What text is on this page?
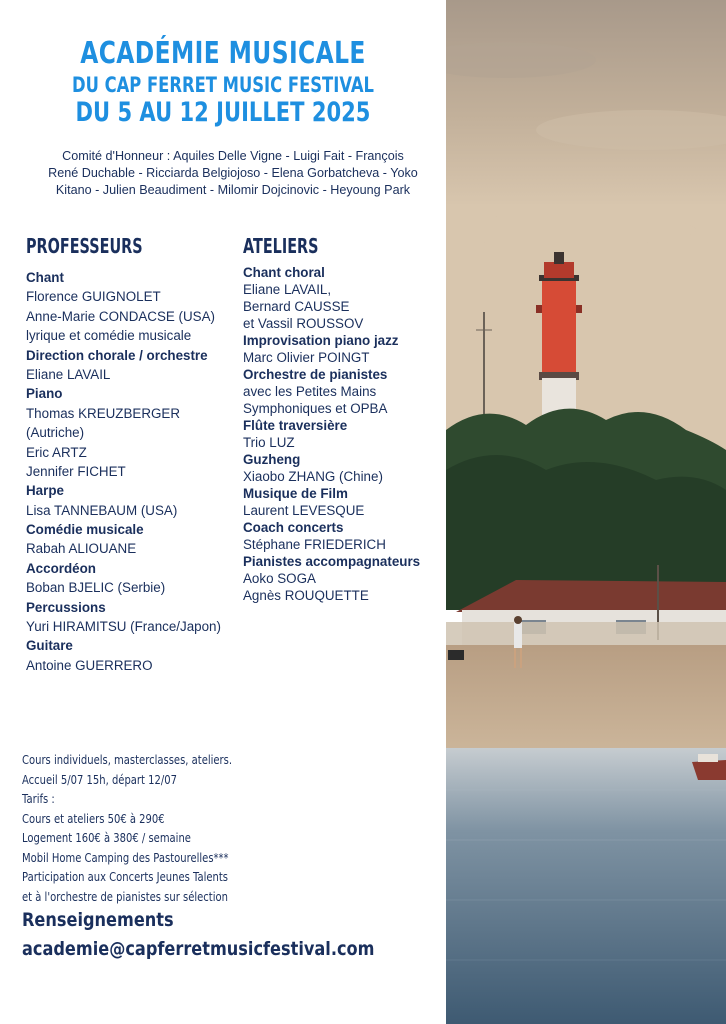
ACADÉMIE MUSICALE
DU CAP FERRET MUSIC FESTIVAL
DU 5 AU 12 JUILLET 2025
Comité d'Honneur : Aquiles Delle Vigne - Luigi Fait - François
René Duchable - Ricciarda Belgiojoso - Elena Gorbatcheva - Yoko
Kitano - Julien Beaudiment - Milomir Dojcinovic - Heyoung Park
PROFESSEURS
Chant
Florence GUIGNOLET
Anne-Marie CONDACSE (USA)
lyrique et comédie musicale
Direction chorale / orchestre
Eliane LAVAIL
Piano
Thomas KREUZBERGER
(Autriche)
Eric ARTZ
Jennifer FICHET
Harpe
Lisa TANNEBAUM (USA)
Comédie musicale
Rabah ALIOUANE
Accordéon
Boban BJELIC (Serbie)
Percussions
Yuri HIRAMITSU (France/Japon)
Guitare
Antoine GUERRERO
ATELIERS
Chant choral
Eliane LAVAIL,
Bernard CAUSSE
et Vassil ROUSSOV
Improvisation piano jazz
Marc Olivier POINGT
Orchestre de pianistes
avec les Petites Mains
Symphoniques et OPBA
Flûte traversière
Trio LUZ
Guzheng
Xiaobo ZHANG (Chine)
Musique de Film
Laurent LEVESQUE
Coach concerts
Stéphane FRIEDERICH
Pianistes accompagnateurs
Aoko SOGA
Agnès ROUQUETTE
Cours individuels, masterclasses, ateliers.
Accueil 5/07 15h, départ 12/07
Tarifs :
Cours et ateliers 50€ à 290€
Logement 160€ à 380€ / semaine
Mobil Home Camping des Pastourelles***
Participation aux Concerts Jeunes Talents
et à l'orchestre de pianistes sur sélection
Renseignements
academie@capferretmusicfestival.com
